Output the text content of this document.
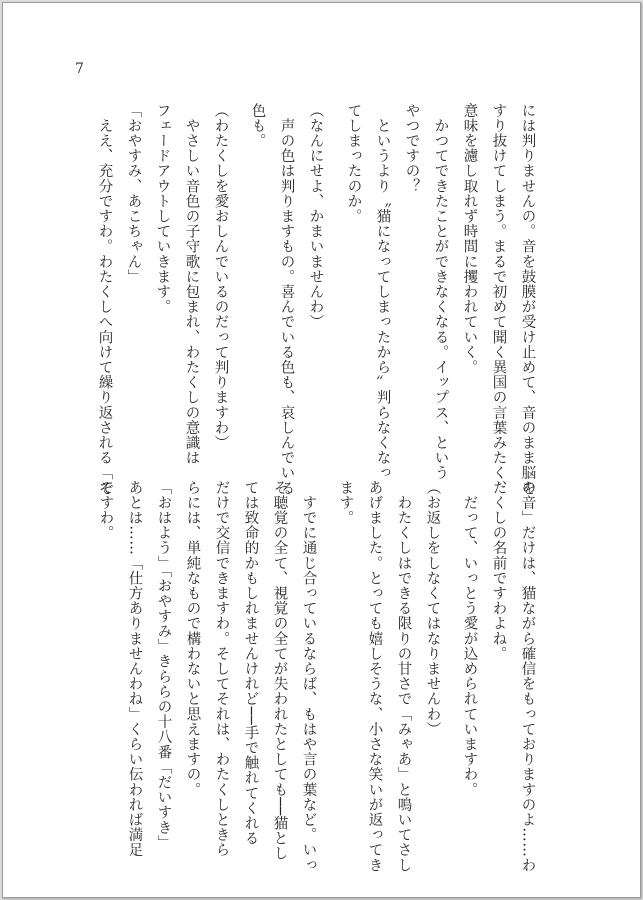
7
には判りませんの。音を鼓膜が受け止めて、音のまま脳を
すり抜けてしまう。まるで初めて聞く異国の言葉みたく、
意味を濾し取れず時間に攫われていく。
　かつてできたことができなくなる。イップス、という
やつですの？
　というより〝猫になってしまったから〟判らなくなっ
てしまったのか。
（なんにせよ、かまいませんわ）
　声の色は判りますもの。喜んでいる色も、哀しんでいる
色も。
（わたくしを愛おしんでいるのだって判りますわ）
　やさしい音色の子守歌に包まれ、わたくしの意識は
フェードアウトしていきます。
「おやすみ、あこちゃん」
　ええ、充分ですわ。わたくしへ向けて繰り返される「そ
の音」だけは、猫ながら確信をもっておりますのよ……わ
たくしの名前ですわよね。
　だって、いっとう愛が込められていますわ。
（お返しをしなくてはなりませんわ）
　わたくしはできる限りの甘さで「みゃあ」と鳴いてさし
あげました。とっても嬉しそうな、小さな笑いが返ってき
ます。
　すでに通じ合っているならば、もはや言の葉など。いっ
そ聴覚の全て、視覚の全てが失われたとしても──猫とし
ては致命的かもしれませんけれど──手で触れてくれる
だけで交信できますわ。そしてそれは、わたくしときら
らには、単純なもので構わないと思えますの。
「おはよう」「おやすみ」きららの十八番「だいすき」
あとは……「仕方ありませんわね」くらい伝われば満足
ですわ。
